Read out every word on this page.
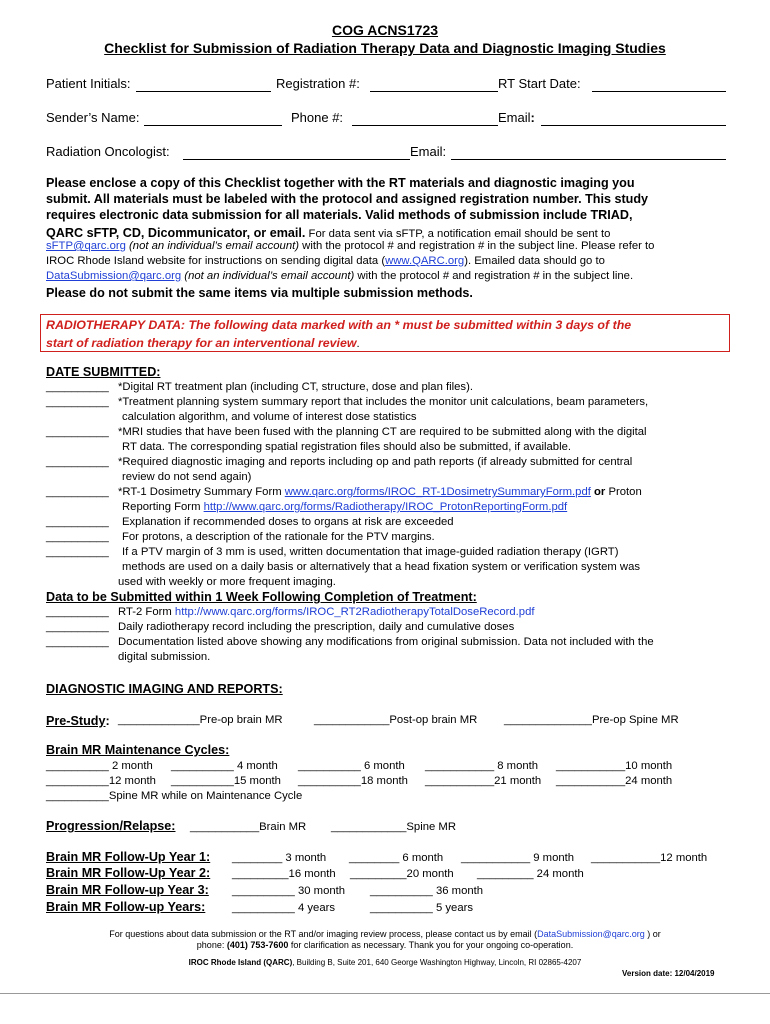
COG ACNS1723
Checklist for Submission of Radiation Therapy Data and Diagnostic Imaging Studies
Patient Initials:	Registration #:	RT Start Date:
Sender’s Name:	Phone #:	Email:
Radiation Oncologist:	Email:
Please enclose a copy of this Checklist together with the RT materials and diagnostic imaging you
submit. All materials must be labeled with the protocol and assigned registration number. This study
requires electronic data submission for all materials. Valid methods of submission include TRIAD,
QARC sFTP, CD, Dicommunicator, or email. For data sent via sFTP, a notification email should be sent to
sFTP@qarc.org (not an individual’s email account) with the protocol # and registration # in the subject line. Please refer to
IROC Rhode Island website for instructions on sending digital data (www.QARC.org). Emailed data should go to
DataSubmission@qarc.org (not an individual’s email account) with the protocol # and registration # in the subject line.
Please do not submit the same items via multiple submission methods.
RADIOTHERAPY DATA: The following data marked with an * must be submitted within 3 days of the
start of radiation therapy for an interventional review.
DATE SUBMITTED:
__________ *Digital RT treatment plan (including CT, structure, dose and plan files).
__________ *Treatment planning system summary report that includes the monitor unit calculations, beam parameters,
calculation algorithm, and volume of interest dose statistics
__________ *MRI studies that have been fused with the planning CT are required to be submitted along with the digital
RT data. The corresponding spatial registration files should also be submitted, if available.
__________ *Required diagnostic imaging and reports including op and path reports (if already submitted for central
review do not send again)
__________ *RT-1 Dosimetry Summary Form www.qarc.org/forms/IROC_RT-1DosimetrySummaryForm.pdf or Proton
Reporting Form http://www.qarc.org/forms/Radiotherapy/IROC_ProtonReportingForm.pdf
__________ Explanation if recommended doses to organs at risk are exceeded
__________ For protons, a description of the rationale for the PTV margins.
__________ If a PTV margin of 3 mm is used, written documentation that image-guided radiation therapy (IGRT)
methods are used on a daily basis or alternatively that a head fixation system or verification system was
used with weekly or more frequent imaging.
Data to be Submitted within 1 Week Following Completion of Treatment:
__________ RT-2 Form http://www.qarc.org/forms/IROC_RT2RadiotherapyTotalDoseRecord.pdf
__________ Daily radiotherapy record including the prescription, daily and cumulative doses
__________ Documentation listed above showing any modifications from original submission. Data not included with the
digital submission.
DIAGNOSTIC IMAGING AND REPORTS:
Pre-Study: _____________Pre-op brain MR	____________Post-op brain MR ______________Pre-op Spine MR
Brain MR Maintenance Cycles:
__________ 2 month __________ 4 month __________ 6 month ___________ 8 month ___________10 month
__________12 month __________15 month __________18 month ___________21 month ___________24 month
__________Spine MR while on Maintenance Cycle
Progression/Relapse: ___________Brain MR ____________Spine MR
Brain MR Follow-Up Year 1: ________ 3 month ________ 6 month ___________ 9 month ___________12 month
Brain MR Follow-Up Year 2: _________16 month _________20 month _________ 24 month
Brain MR Follow-up Year 3: __________ 30 month __________ 36 month
Brain MR Follow-up Years: __________ 4 years	__________ 5 years
For questions about data submission or the RT and/or imaging review process, please contact us by email (DataSubmission@qarc.org ) or
phone: (401) 753-7600 for clarification as necessary. Thank you for your ongoing co-operation.
IROC Rhode Island (QARC), Building B, Suite 201, 640 George Washington Highway, Lincoln, RI 02865-4207
Version date: 12/04/2019
